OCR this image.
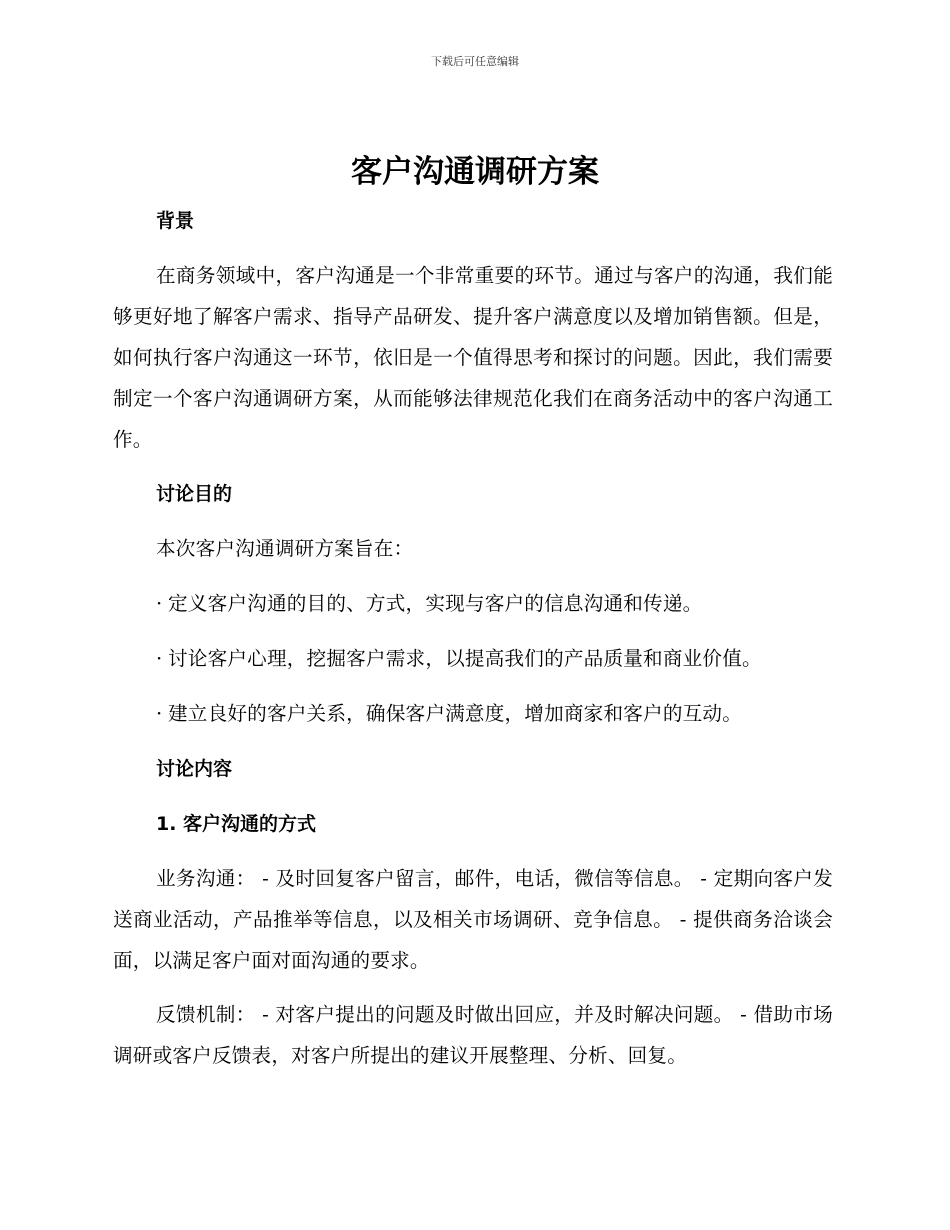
下载后可任意编辑
客户沟通调研方案
背景

在商务领域中，客户沟通是一个非常重要的环节。通过与客户的沟通，我们能够更好地了解客户需求、指导产品研发、提升客户满意度以及增加销售额。但是，如何执行客户沟通这一环节，依旧是一个值得思考和探讨的问题。因此，我们需要制定一个客户沟通调研方案，从而能够法律规范化我们在商务活动中的客户沟通工作。

讨论目的

本次客户沟通调研方案旨在：

· 定义客户沟通的目的、方式，实现与客户的信息沟通和传递。

· 讨论客户心理，挖掘客户需求，以提高我们的产品质量和商业价值。

· 建立良好的客户关系，确保客户满意度，增加商家和客户的互动。

讨论内容
1. 客户沟通的方式

业务沟通： - 及时回复客户留言，邮件，电话，微信等信息。 - 定期向客户发送商业活动，产品推举等信息，以及相关市场调研、竞争信息。 - 提供商务洽谈会面，以满足客户面对面沟通的要求。

反馈机制： - 对客户提出的问题及时做出回应，并及时解决问题。 - 借助市场调研或客户反馈表，对客户所提出的建议开展整理、分析、回复。
